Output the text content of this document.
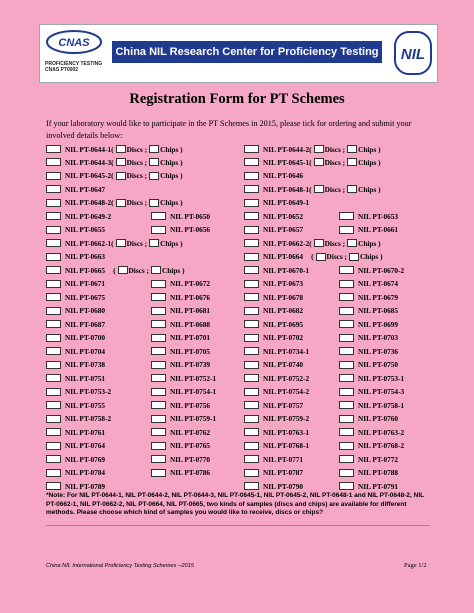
CNAS
PROFICIENCY TESTING
CNAS PT0002
China NIL Research Center for Proficiency Testing NIL
Registration Form for PT Schemes
If your laboratory would like to participate in the PT Schemes in 2015, please tick for ordering and submit your involved details below:
NIL PT-0644-1( Discs ; Chips )	NIL PT-0644-2( Discs ; Chips )
NIL PT-0644-3( Discs ; Chips )	NIL PT-0645-1( Discs ; Chips )
NIL PT-0645-2( Discs ; Chips )	NIL PT-0646
NIL PT-0647	NIL PT-0648-1( Discs ; Chips )
NIL PT-0648-2( Discs ; Chips )	NIL PT-0649-1
NIL PT-0649-2	NIL PT-0650	NIL PT-0652	NIL PT-0653
NIL PT-0655	NIL PT-0656	NIL PT-0657	NIL PT-0661
NIL PT-0662-1( Discs ; Chips )	NIL PT-0662-2( Discs ; Chips )
NIL PT-0663	NIL PT-0664 ( Discs ; Chips )
NIL PT-0665 ( Discs ; Chips )	NIL PT-0670-1	NIL PT-0670-2
NIL PT-0671	NIL PT-0672	NIL PT-0673	NIL PT-0674
NIL PT-0675	NIL PT-0676	NIL PT-0678	NIL PT-0679
NIL PT-0680	NIL PT-0681	NIL PT-0682	NIL PT-0685
NIL PT-0687	NIL PT-0688	NIL PT-0695	NIL PT-0699
NIL PT-0700	NIL PT-0701	NIL PT-0702	NIL PT-0703
NIL PT-0704	NIL PT-0705	NIL PT-0734-1	NIL PT-0736
NIL PT-0738	NIL PT-0739	NIL PT-0740	NIL PT-0750
NIL PT-0751	NIL PT-0752-1	NIL PT-0752-2	NIL PT-0753-1
NIL PT-0753-2	NIL PT-0754-1	NIL PT-0754-2	NIL PT-0754-3
NIL PT-0755	NIL PT-0756	NIL PT-0757	NIL PT-0758-1
NIL PT-0758-2	NIL PT-0759-1	NIL PT-0759-2	NIL PT-0760
NIL PT-0761	NIL PT-0762	NIL PT-0763-1	NIL PT-0763-2
NIL PT-0764	NIL PT-0765	NIL PT-0768-1	NIL PT-0768-2
NIL PT-0769	NIL PT-0770	NIL PT-0771	NIL PT-0772
NIL PT-0784	NIL PT-0786	NIL PT-0787	NIL PT-0788
NIL PT-0789	NIL PT-0790	NIL PT-0791
*Note: For NIL PT-0644-1, NIL PT-0644-2, NIL PT-0644-3, NIL PT-0645-1, NIL PT-0645-2, NIL PT-0648-1 and NIL PT-0648-2, NIL PT-0662-1, NIL PT-0662-2, NIL PT-0664, NIL PT-0665, two kinds of samples (discs and chips) are available for different methods. Please choose which kind of samples you would like to receive, discs or chips?
China NIL International Proficiency Testing Schemes --2015	Page 1/2
